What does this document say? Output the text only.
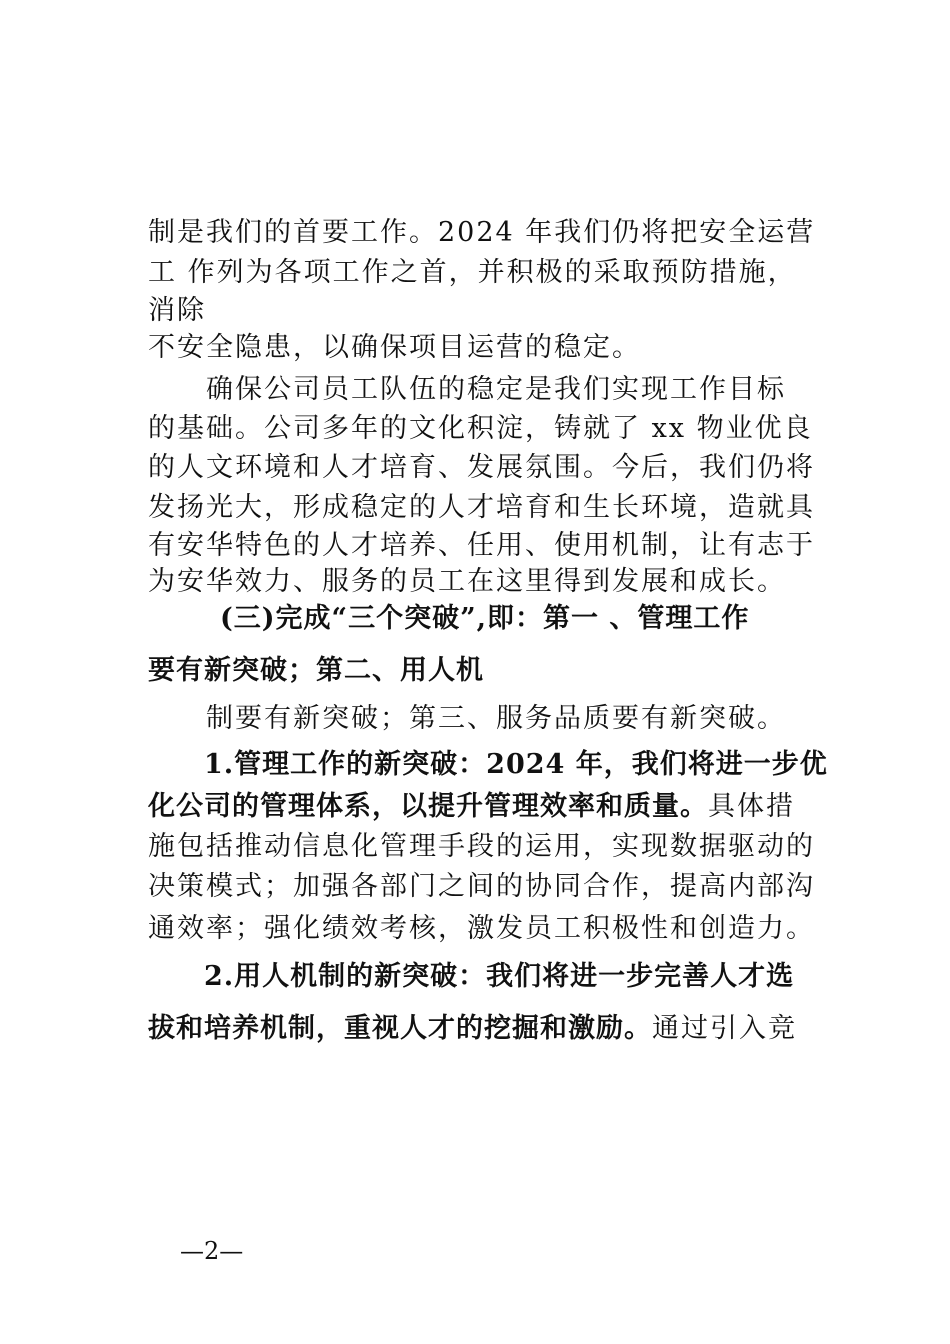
制是我们的首要工作。2024 年我们仍将把安全运营
工 作列为各项工作之首，并积极的采取预防措施，
消除
不安全隐患，以确保项目运营的稳定。
确保公司员工队伍的稳定是我们实现工作目标
的基础。公司多年的文化积淀，铸就了 xx 物业优良
的人文环境和人才培育、发展氛围。今后，我们仍将
发扬光大，形成稳定的人才培育和生长环境，造就具
有安华特色的人才培养、任用、使用机制，让有志于
为安华效力、服务的员工在这里得到发展和成长。
(三)完成“三个突破”,即：第一 、管理工作
要有新突破；第二、用人机
制要有新突破；第三、服务品质要有新突破。
1.管理工作的新突破：2024 年，我们将进一步优
化公司的管理体系，以提升管理效率和质量。具体措
施包括推动信息化管理手段的运用，实现数据驱动的
决策模式；加强各部门之间的协同合作，提高内部沟
通效率；强化绩效考核，激发员工积极性和创造力。
2.用人机制的新突破：我们将进一步完善人才选
拔和培养机制，重视人才的挖掘和激励。通过引入竞
—2—
